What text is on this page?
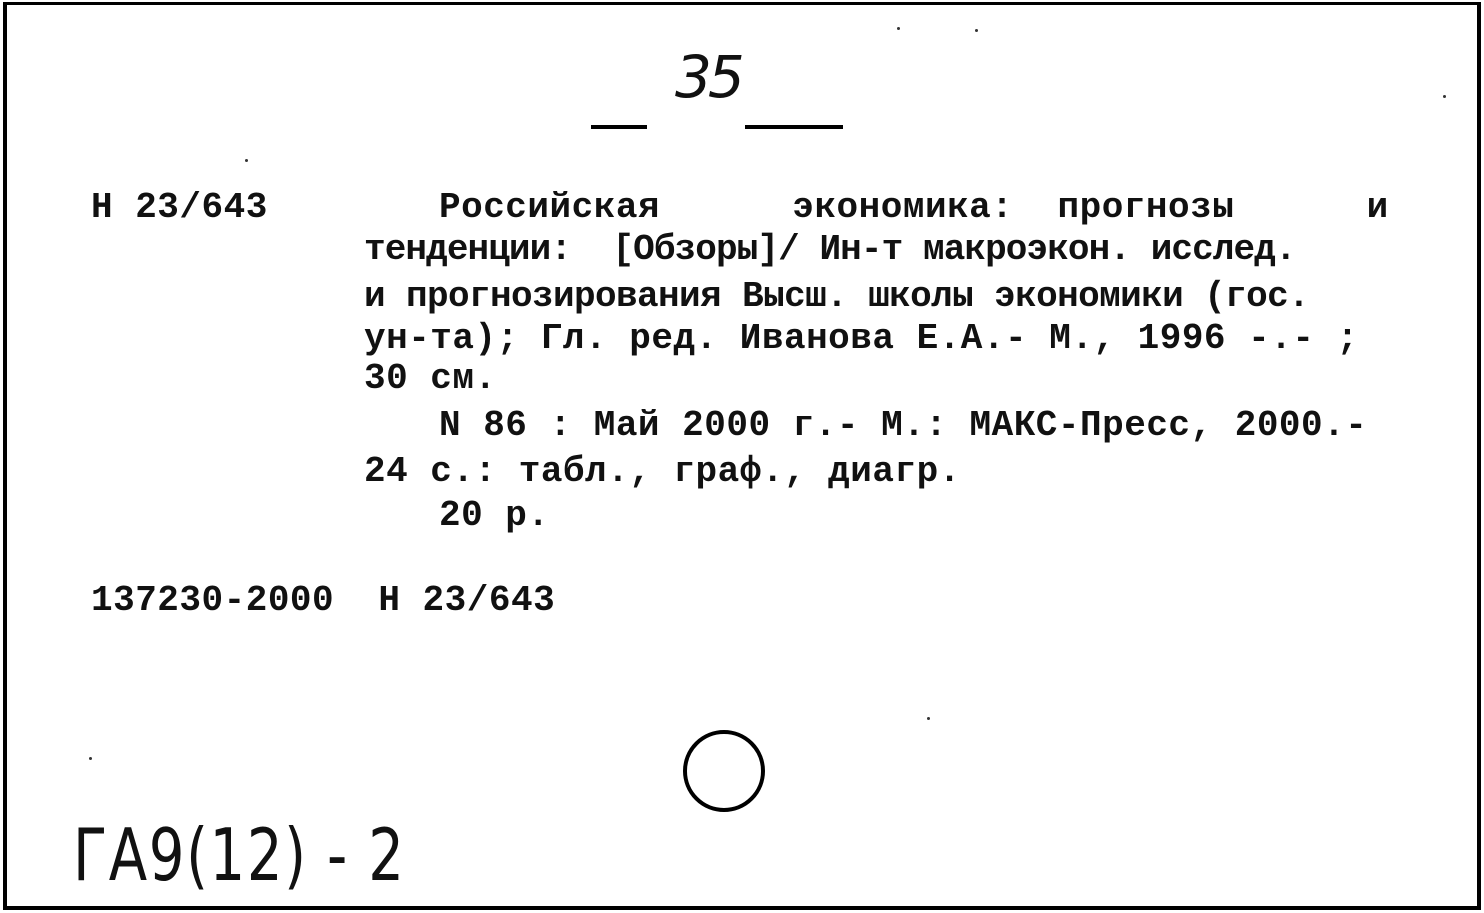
35
Н 23/643	Российская   экономика: прогнозы   и
тенденции:  [Обзоры]/ Ин-т макроэкон. исслед.
и прогнозирования Высш. школы экономики (гос.
ун-та); Гл. ред. Иванова Е.А.- М., 1996 -.- ;
30 см.
N 86 : Май 2000 г.- М.: МАКС-Пресс, 2000.-
24 с.: табл., граф., диагр.
20 р.
137230-2000  Н 23/643
ГА9(12) - 2
